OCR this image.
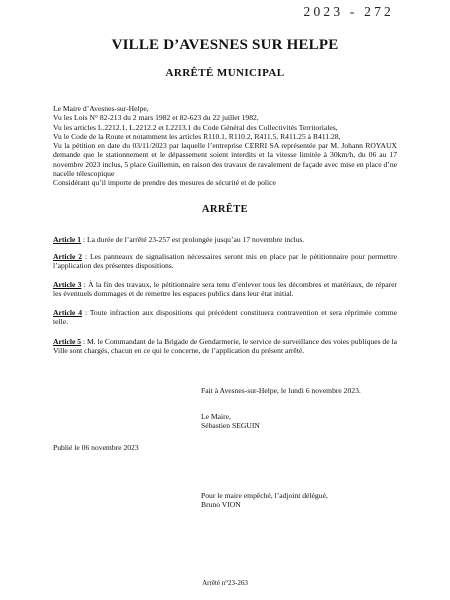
2023 - 272
VILLE D’AVESNES SUR HELPE
ARRÊTÉ MUNICIPAL
Le Maire d’Avesnes-sur-Helpe,
Vu les Lois N° 82-213 du 2 mars 1982 et 82-623 du 22 juillet 1982,
Vu les articles L.2212.1, L.2212.2 et L2213.1 du Code Général des Collectivités Territoriales,
Vu le Code de la Route et notamment les articles R110.1, R110.2, R411.5, R411.25 à R411.28,
Vu la pétition en date du 03/11/2023 par laquelle l’entreprise CERRI SA représentée par M. Johann ROYAUX demande que le stationnement et le dépassement soient interdits et la vitesse limitée à 30km/h, du 06 au 17 novembre 2023 inclus, 5 place Guillemin, en raison des travaux de ravalement de façade avec mise en place d’ne nacelle télescopique
Considérant qu’il importe de prendre des mesures de sécurité et de police
ARRÊTE
Article 1 : La durée de l’arrêté 23-257 est prolongée jusqu’au 17 novembre inclus.
Article 2 : Les panneaux de signalisation nécessaires seront mis en place par le pétitionnaire pour permettre l’application des présentes dispositions.
Article 3 : À la fin des travaux, le pétitionnaire sera tenu d’enlever tous les décombres et matériaux, de réparer les éventuels dommages et de remettre les espaces publics dans leur état initial.
Article 4 : Toute infraction aux dispositions qui précèdent constituera contravention et sera réprimée comme telle.
Article 5 : M. le Commandant de la Brigade de Gendarmerie, le service de surveillance des voies publiques de la Ville sont chargés, chacun en ce qui le concerne, de l’application du présent arrêté.
Fait à Avesnes-sur-Helpe, le lundi 6 novembre 2023.
Le Maire,
Sébastien SEGUIN
Publié le 06 novembre 2023
Pour le maire empêché, l’adjoint délégué,
Bruno VION
Arrêté n°23-263
